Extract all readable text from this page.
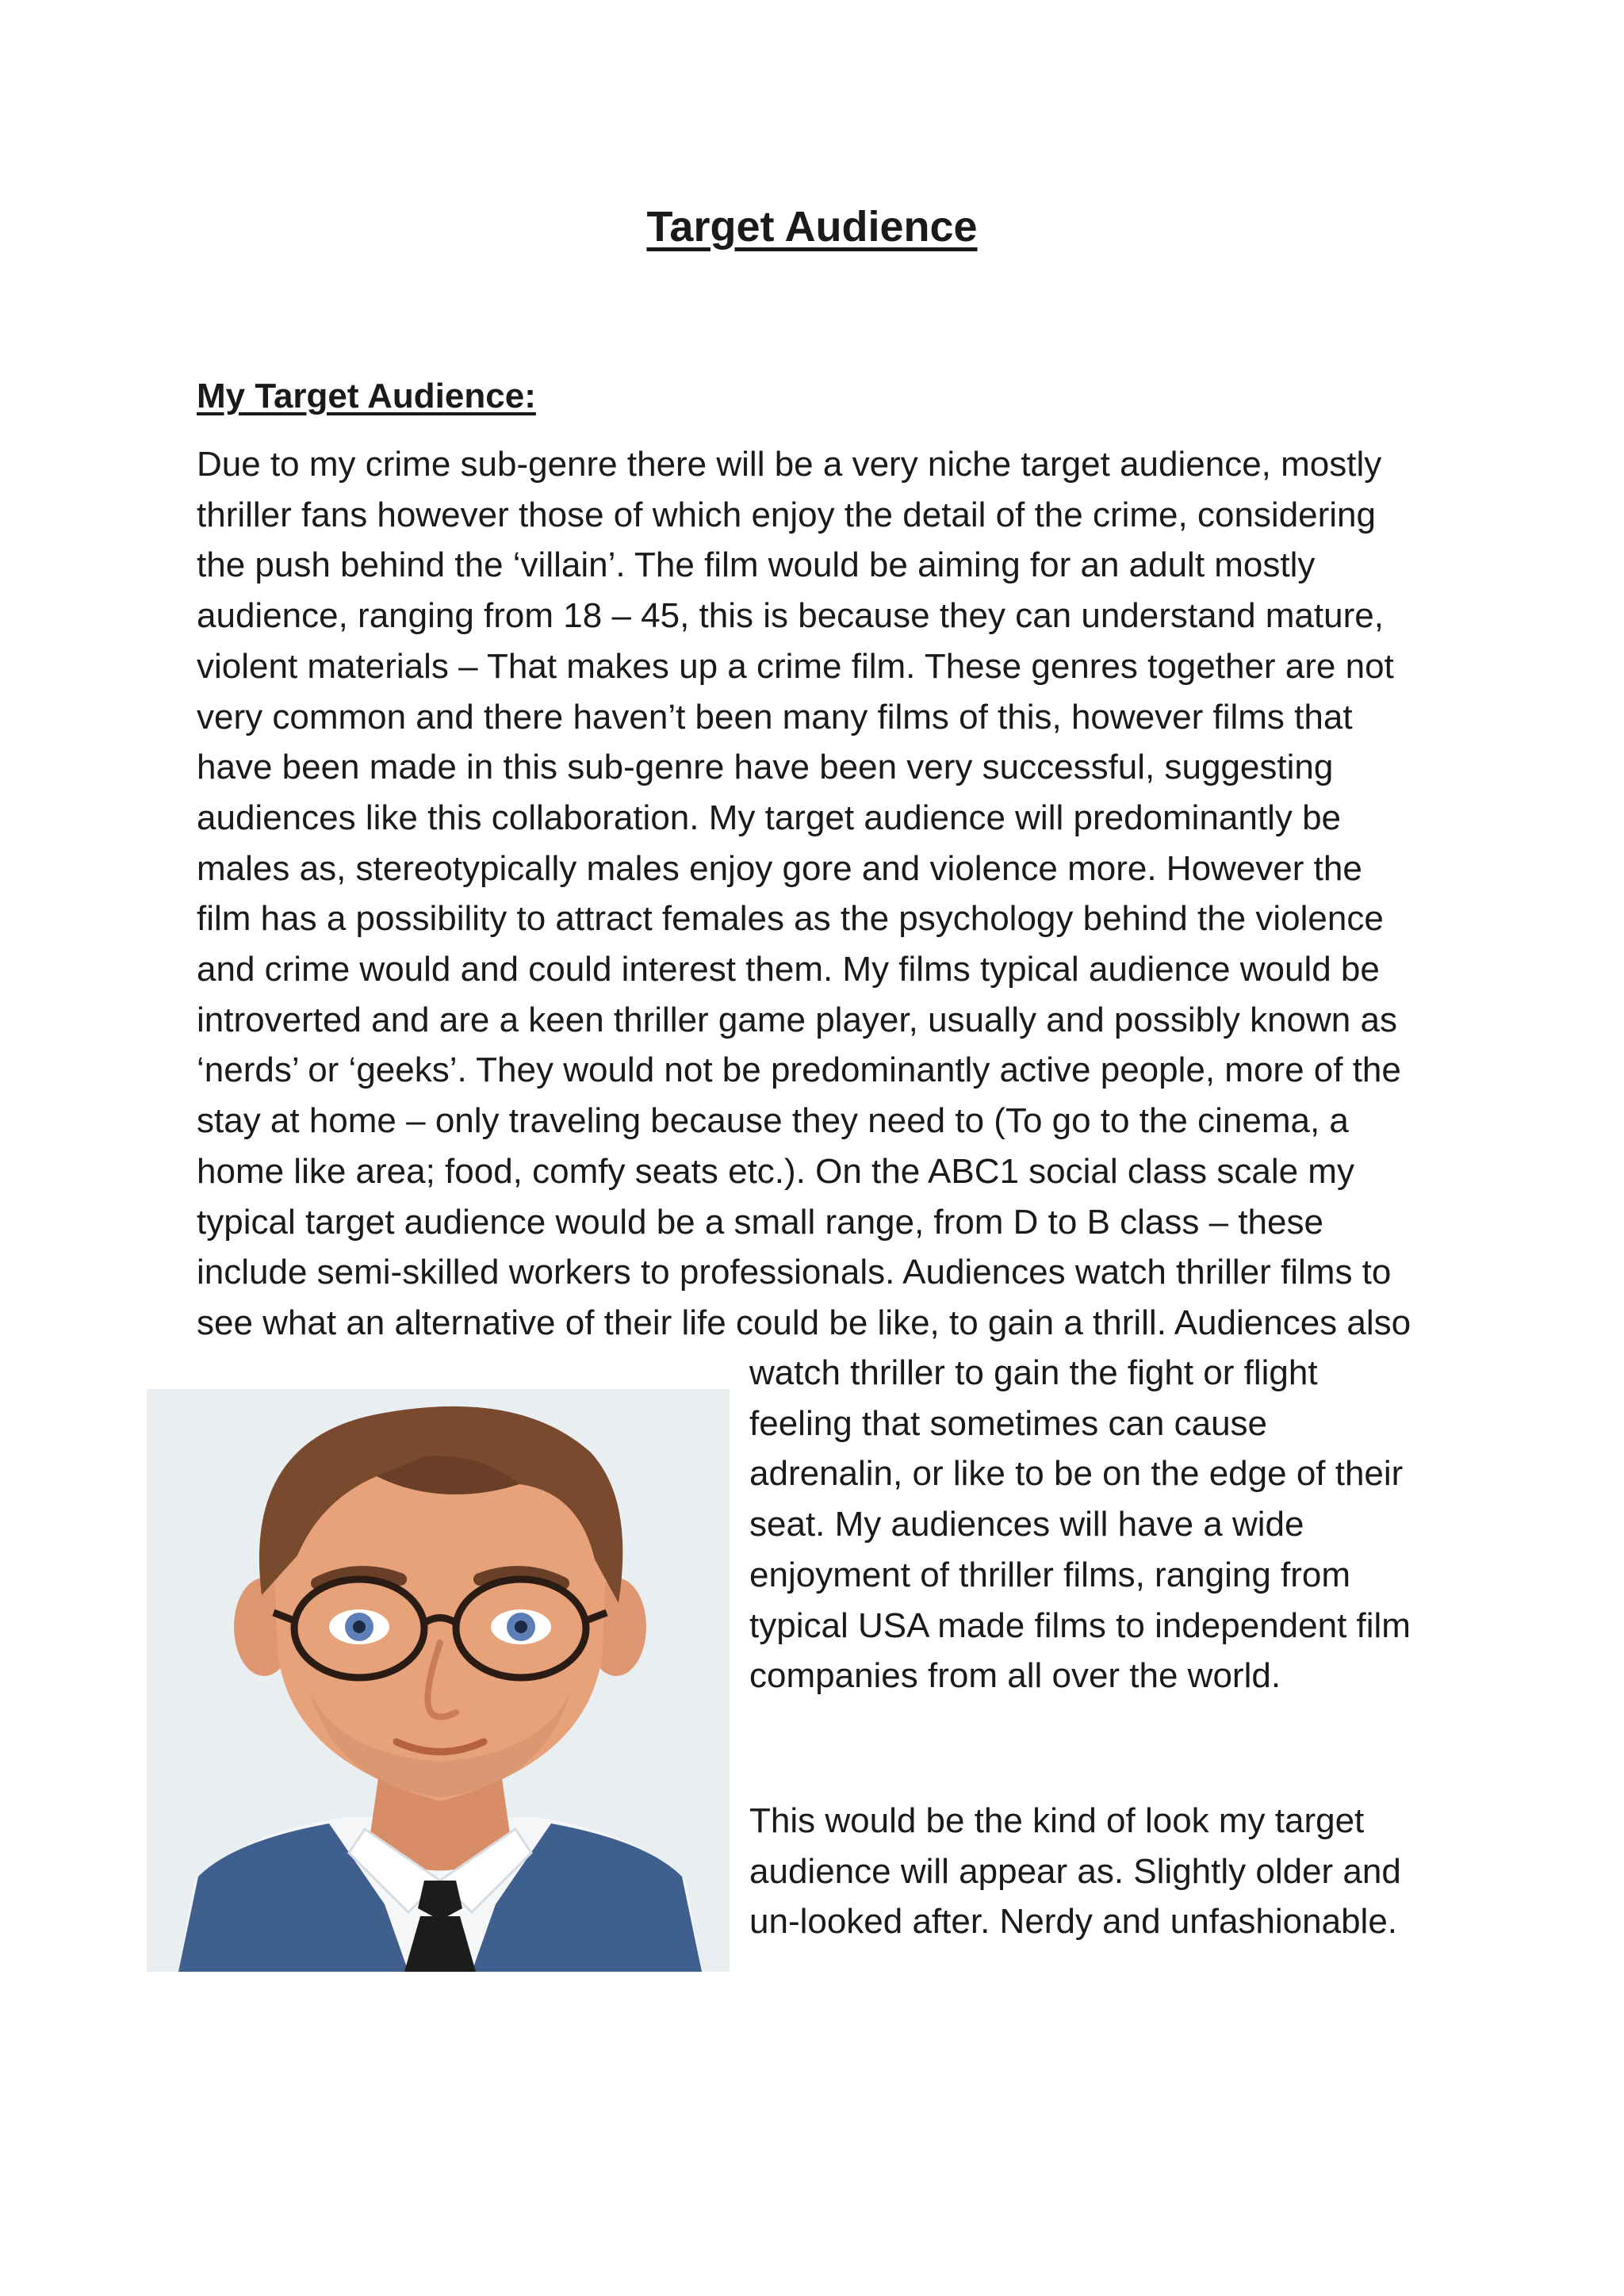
Target Audience
My Target Audience:

Due to my crime sub-genre there will be a very niche target audience, mostly
thriller fans however those of which enjoy the detail of the crime, considering
the push behind the ‘villain’. The film would be aiming for an adult mostly
audience, ranging from 18 – 45, this is because they can understand mature,
violent materials – That makes up a crime film. These genres together are not
very common and there haven’t been many films of this, however films that
have been made in this sub-genre have been very successful, suggesting
audiences like this collaboration. My target audience will predominantly be
males as, stereotypically males enjoy gore and violence more. However the
film has a possibility to attract females as the psychology behind the violence
and crime would and could interest them. My films typical audience would be
introverted and are a keen thriller game player, usually and possibly known as
‘nerds’ or ‘geeks’. They would not be predominantly active people, more of the
stay at home – only traveling because they need to (To go to the cinema, a
home like area; food, comfy seats etc.). On the ABC1 social class scale my
typical target audience would be a small range, from D to B class – these
include semi-skilled workers to professionals. Audiences watch thriller films to
see what an alternative of their life could be like, to gain a thrill. Audiences also

watch thriller to gain the fight or flight
feeling that sometimes can cause
adrenalin, or like to be on the edge of their
seat. My audiences will have a wide
enjoyment of thriller films, ranging from
typical USA made films to independent film
companies from all over the world.

This would be the kind of look my target
audience will appear as. Slightly older and
un-looked after. Nerdy and unfashionable.
